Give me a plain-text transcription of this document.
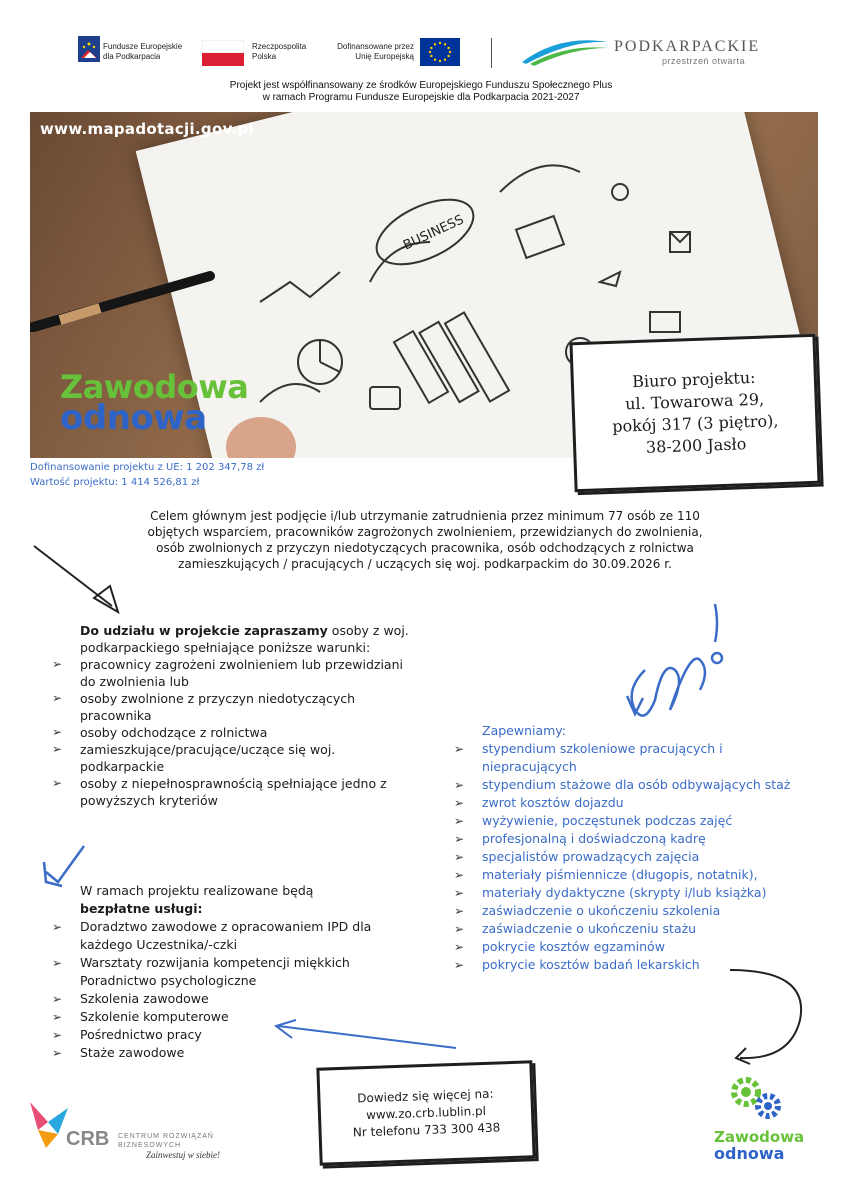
Fundusze Europejskie
dla Podkarpacia
Rzeczpospolita
Polska
Dofinansowane przez
Unię Europejską
PODKARPACKIE
przestrzeń otwarta
Projekt jest współfinansowany ze środków Europejskiego Funduszu Społecznego Plus
w ramach Programu Fundusze Europejskie dla Podkarpacia 2021-2027
BUSINESS
www.mapadotacji.gov.pl
Zawodowa
odnowa
Biuro projektu:
ul. Towarowa 29,
pokój 317 (3 piętro),
38-200 Jasło
Dofinansowanie projektu z UE: 1 202 347,78 zł
Wartość projektu: 1 414 526,81 zł
Celem głównym jest podjęcie i/lub utrzymanie zatrudnienia przez minimum 77 osób ze 110
objętych wsparciem, pracowników zagrożonych zwolnieniem, przewidzianych do zwolnienia,
osób zwolnionych z przyczyn niedotyczących pracownika, osób odchodzących z rolnictwa
zamieszkujących / pracujących / uczących się woj. podkarpackim do 30.09.2026 r.
Do udziału w projekcie zapraszamy osoby z woj. podkarpackiego spełniające poniższe warunki:
➢	pracownicy zagrożeni zwolnieniem lub przewidziani do zwolnienia lub
➢	osoby zwolnione z przyczyn niedotyczących pracownika
➢	osoby odchodzące z rolnictwa
➢	zamieszkujące/pracujące/uczące się woj. podkarpackie
➢	osoby z niepełnosprawnością spełniające jedno z powyższych kryteriów
W ramach projektu realizowane będą
bezpłatne usługi:
➢	Doradztwo zawodowe z opracowaniem IPD dla każdego Uczestnika/-czki
➢	Warsztaty rozwijania kompetencji miękkich Poradnictwo psychologiczne
➢	Szkolenia zawodowe
➢	Szkolenie komputerowe
➢	Pośrednictwo pracy
➢	Staże zawodowe
Zapewniamy:
➢	stypendium szkoleniowe pracujących i niepracujących
➢	stypendium stażowe dla osób odbywających staż
➢	zwrot kosztów dojazdu
➢	wyżywienie, poczęstunek podczas zajęć
➢	profesjonalną i doświadczoną kadrę
➢	specjalistów prowadzących zajęcia
➢	materiały piśmiennicze (długopis, notatnik),
➢	materiały dydaktyczne (skrypty i/lub książka)
➢	zaświadczenie o ukończeniu szkolenia
➢	zaświadczenie o ukończeniu stażu
➢	pokrycie kosztów egzaminów
➢	pokrycie kosztów badań lekarskich
Dowiedz się więcej na:
www.zo.crb.lublin.pl
Nr telefonu 733 300 438
CRB CENTRUM ROZWIĄZAŃ
BIZNESOWYCH
Zainwestuj w siebie!
Zawodowa
odnowa
